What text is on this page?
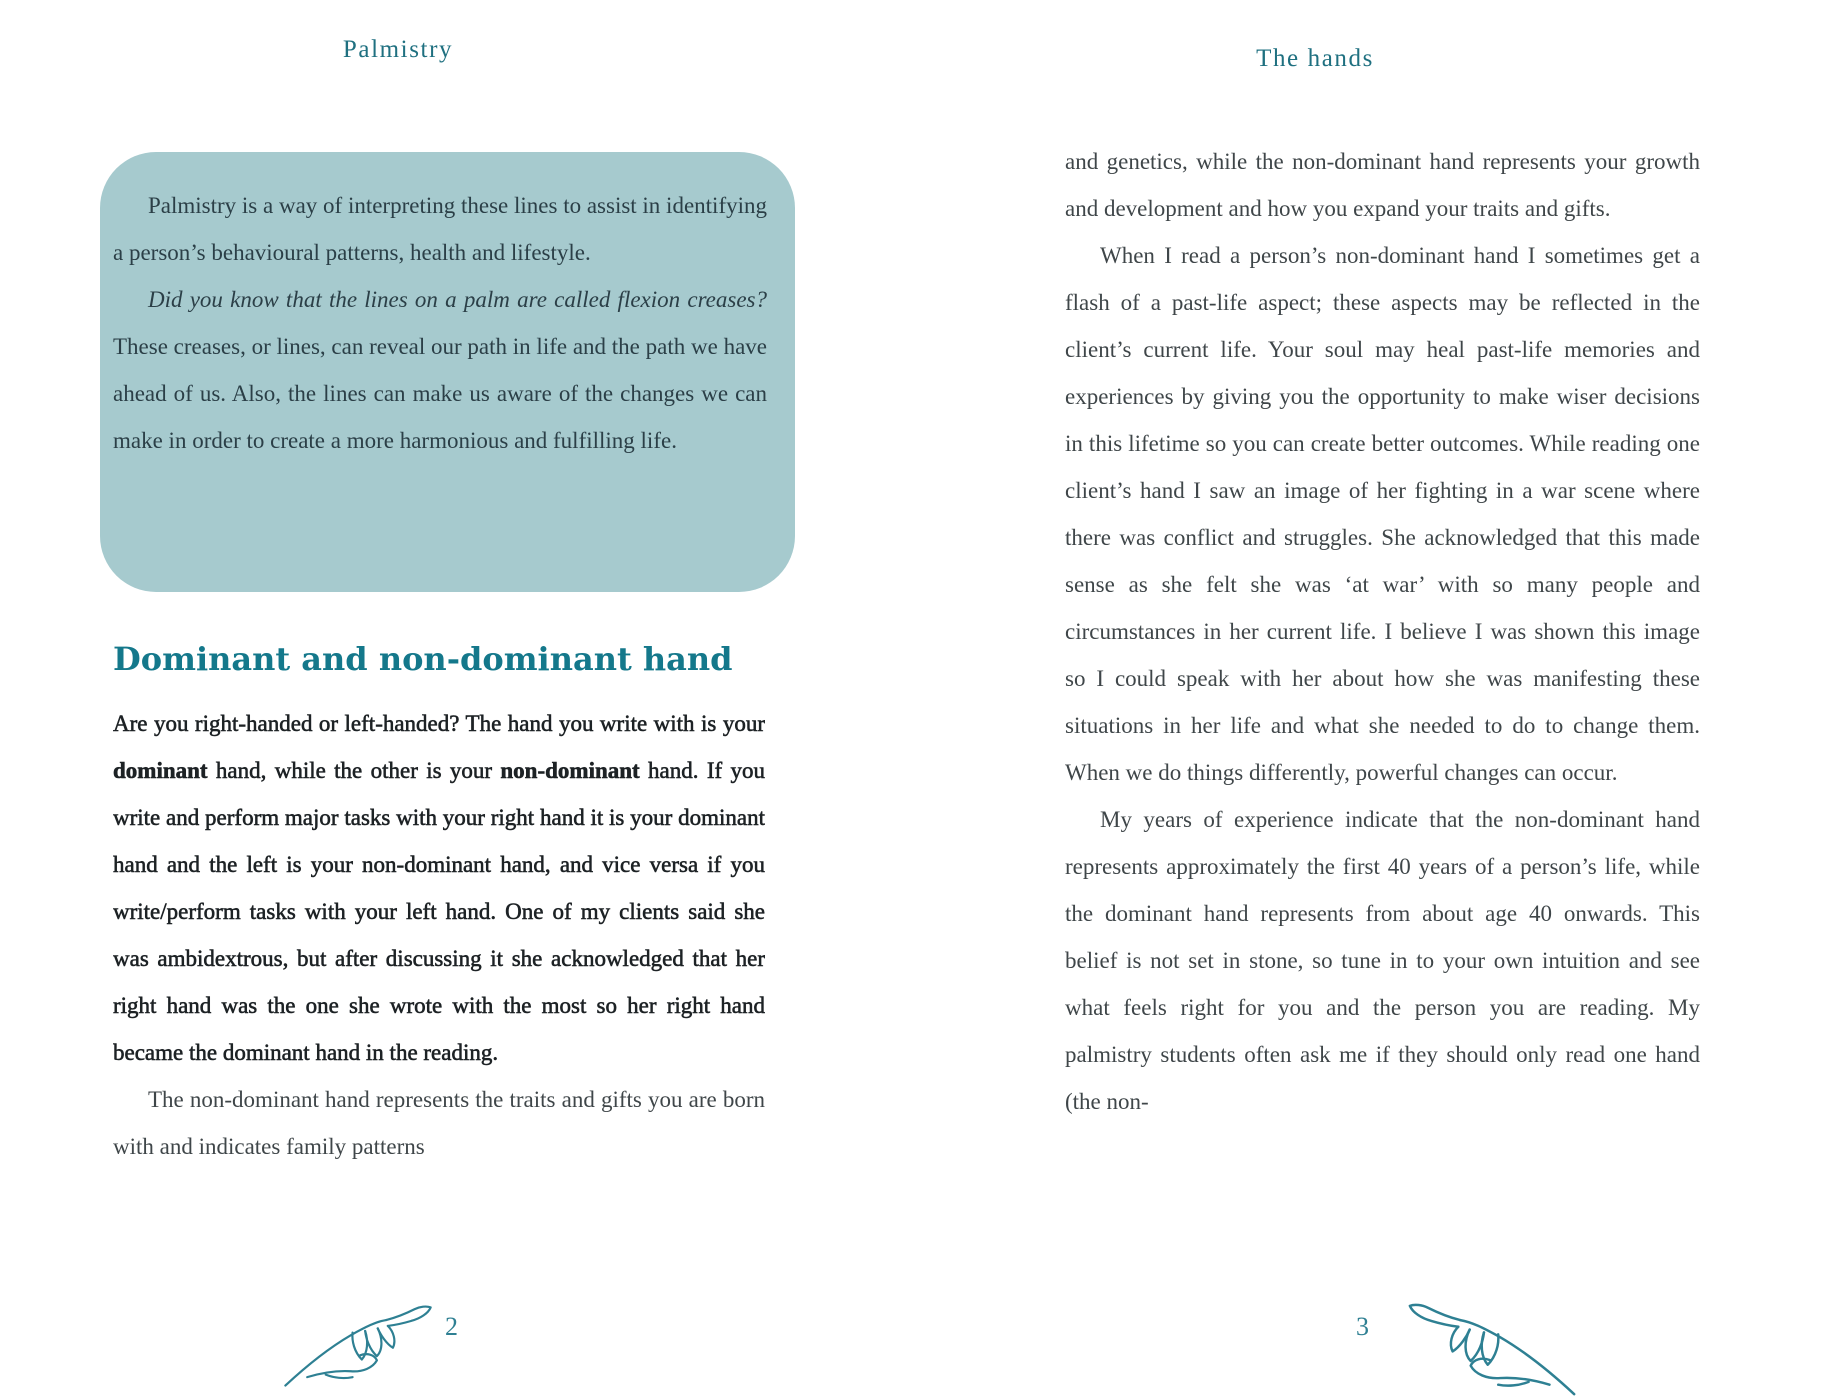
Palmistry

Palmistry is a way of interpreting these lines to assist in identifying a person’s behavioural patterns, health and lifestyle.

Did you know that the lines on a palm are called flexion creases? These creases, or lines, can reveal our path in life and the path we have ahead of us. Also, the lines can make us aware of the changes we can make in order to create a more harmonious and fulfilling life.

Dominant and non-dominant hand

Are you right-handed or left-handed? The hand you write with is your dominant hand, while the other is your non-dominant hand. If you write and perform major tasks with your right hand it is your dominant hand and the left is your non-dominant hand, and vice versa if you write/perform tasks with your left hand. One of my clients said she was ambidextrous, but after discussing it she acknowledged that her right hand was the one she wrote with the most so her right hand became the dominant hand in the reading.

The non-dominant hand represents the traits and gifts you are born with and indicates family patterns

2
The hands

and genetics, while the non-dominant hand represents your growth and development and how you expand your traits and gifts.

When I read a person’s non-dominant hand I sometimes get a flash of a past-life aspect; these aspects may be reflected in the client’s current life. Your soul may heal past-life memories and experiences by giving you the opportunity to make wiser decisions in this lifetime so you can create better outcomes. While reading one client’s hand I saw an image of her fighting in a war scene where there was conflict and struggles. She acknowledged that this made sense as she felt she was ‘at war’ with so many people and circumstances in her current life. I believe I was shown this image so I could speak with her about how she was manifesting these situations in her life and what she needed to do to change them. When we do things differently, powerful changes can occur.

My years of experience indicate that the non-dominant hand represents approximately the first 40 years of a person’s life, while the dominant hand represents from about age 40 onwards. This belief is not set in stone, so tune in to your own intuition and see what feels right for you and the person you are reading. My palmistry students often ask me if they should only read one hand (the non-

3
